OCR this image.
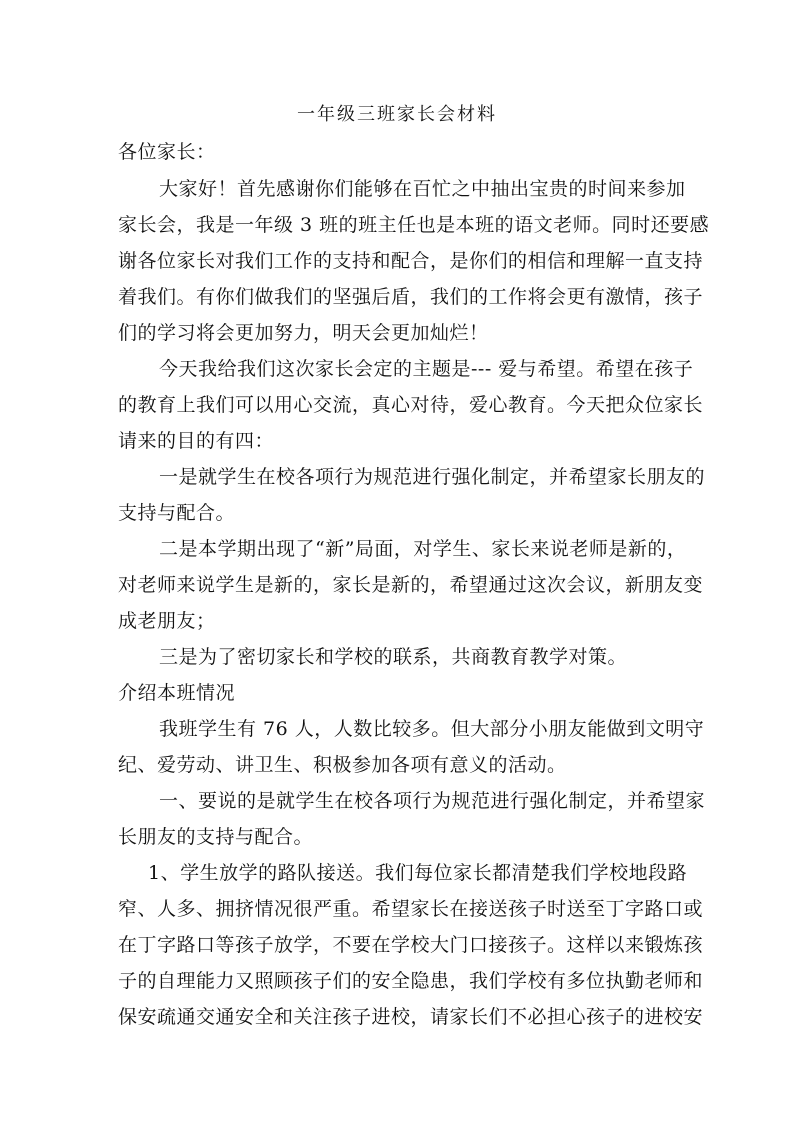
一年级三班家长会材料
各位家长：
大家好！首先感谢你们能够在百忙之中抽出宝贵的时间来参加
家长会，我是一年级 3 班的班主任也是本班的语文老师。同时还要感
谢各位家长对我们工作的支持和配合，是你们的相信和理解一直支持
着我们。有你们做我们的坚强后盾，我们的工作将会更有激情，孩子
们的学习将会更加努力，明天会更加灿烂！
今天我给我们这次家长会定的主题是--- 爱与希望。希望在孩子
的教育上我们可以用心交流，真心对待，爱心教育。今天把众位家长
请来的目的有四：
一是就学生在校各项行为规范进行强化制定，并希望家长朋友的
支持与配合。
二是本学期出现了“新”局面，对学生、家长来说老师是新的，
对老师来说学生是新的，家长是新的，希望通过这次会议，新朋友变
成老朋友；
三是为了密切家长和学校的联系，共商教育教学对策。
介绍本班情况
我班学生有 76 人，人数比较多。但大部分小朋友能做到文明守
纪、爱劳动、讲卫生、积极参加各项有意义的活动。
一、要说的是就学生在校各项行为规范进行强化制定，并希望家
长朋友的支持与配合。
1、学生放学的路队接送。我们每位家长都清楚我们学校地段路
窄、人多、拥挤情况很严重。希望家长在接送孩子时送至丁字路口或
在丁字路口等孩子放学，不要在学校大门口接孩子。这样以来锻炼孩
子的自理能力又照顾孩子们的安全隐患，我们学校有多位执勤老师和
保安疏通交通安全和关注孩子进校，请家长们不必担心孩子的进校安
